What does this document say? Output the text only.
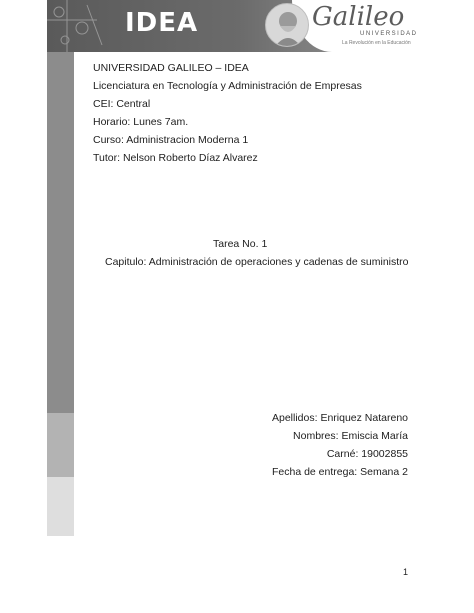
IDEA	Galileo
UNIVERSIDAD
La Revolución en la Educación
UNIVERSIDAD GALILEO – IDEA
Licenciatura en Tecnología y Administración de Empresas
CEI: Central
Horario: Lunes 7am.
Curso: Administracion Moderna 1
Tutor: Nelson Roberto Díaz Alvarez
Tarea No. 1
Capitulo: Administración de operaciones y cadenas de suministro
Apellidos: Enriquez Natareno
Nombres: Emiscia María
Carné: 19002855
Fecha de entrega: Semana 2
1
